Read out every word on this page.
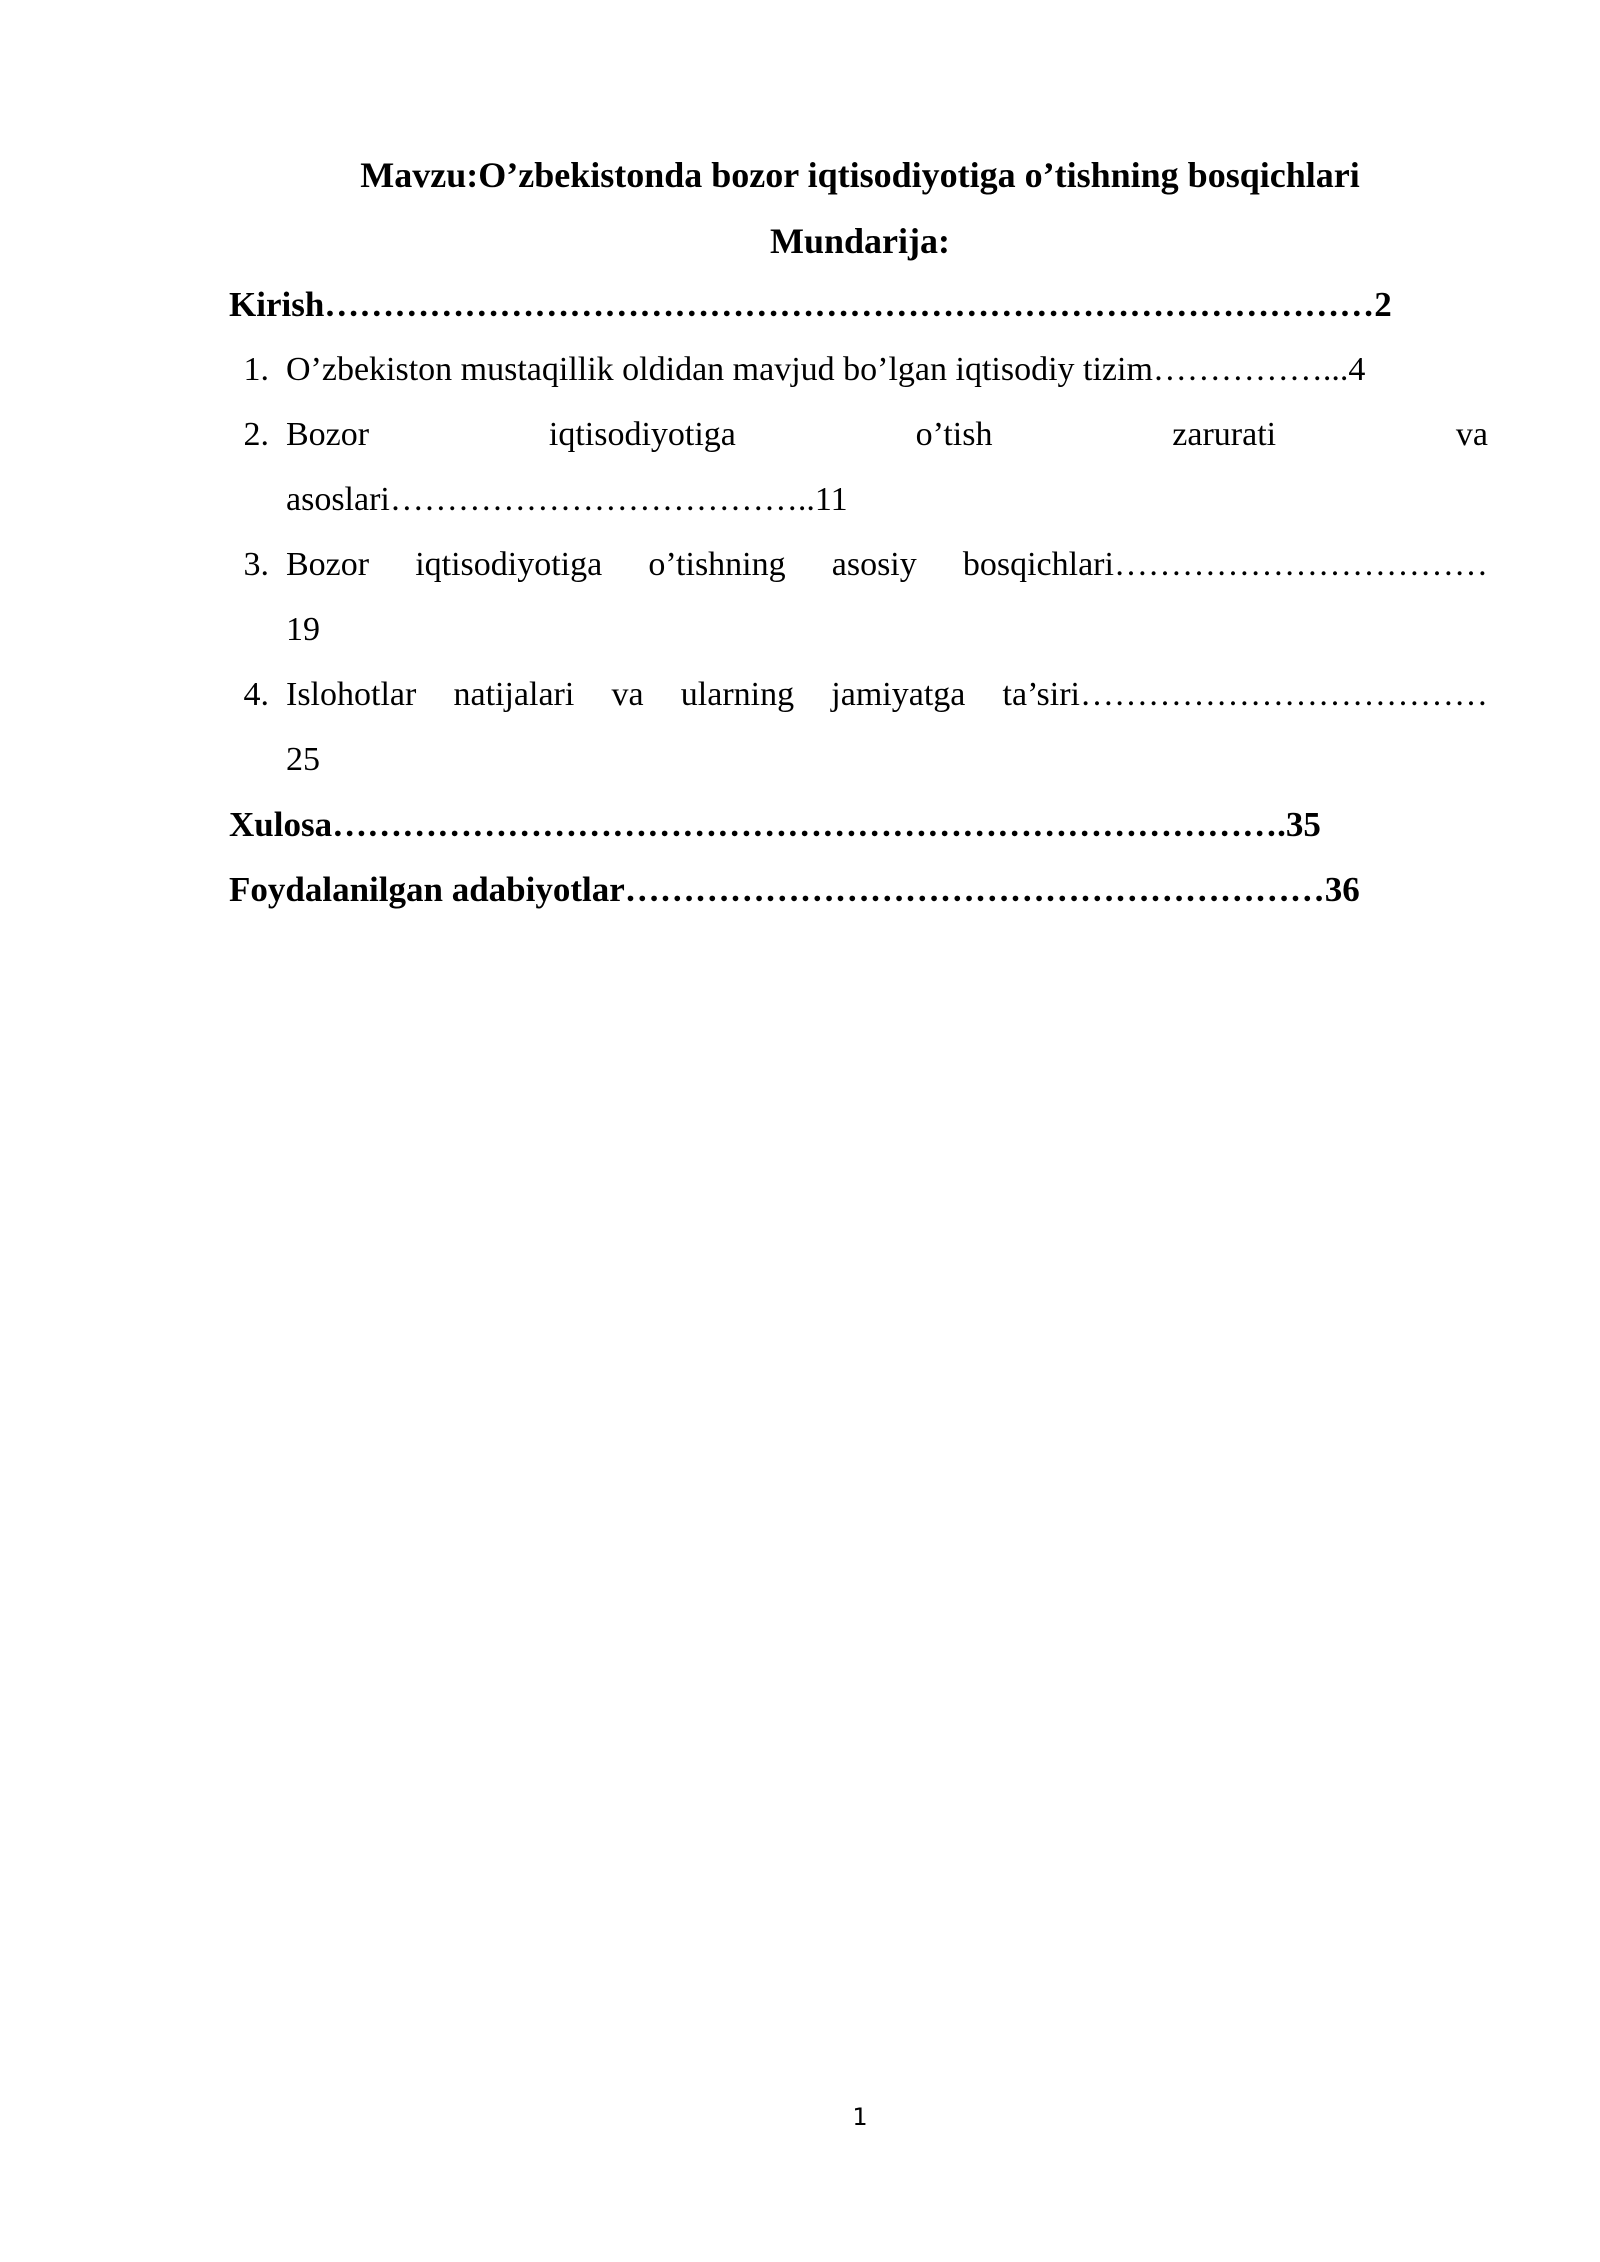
Mavzu:O’zbekistonda bozor iqtisodiyotiga o’tishning bosqichlari
Mundarija:
Kirish………………………………………………………………………………2
1. O’zbekiston mustaqillik oldidan mavjud bo’lgan iqtisodiy tizim……………...4
2. Bozor	iqtisodiyotiga	o’tish	zarurati	va
asoslari………………………………..11
3. Bozor iqtisodiyotiga o’tishning asosiy bosqichlari……………………………
19
4. Islohotlar natijalari va ularning jamiyatga ta’siri………………………………
25
Xulosa……………………………………………………………………….35
Foydalanilgan adabiyotlar……………………………………………………36
1
